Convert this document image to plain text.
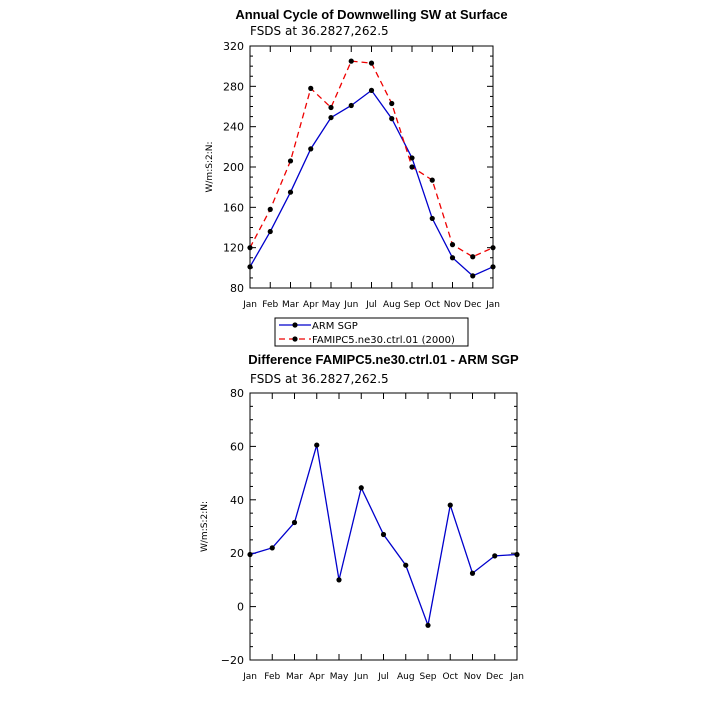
Annual Cycle of Downwelling SW at Surface
FSDS at 36.2827,262.5
80
120
160
200
240
280
320
Jan Feb Mar Apr May Jun Jul Aug Sep Oct Nov Dec Jan
W/m:S:2:N:
ARM SGP
FAMIPC5.ne30.ctrl.01 (2000)
Difference FAMIPC5.ne30.ctrl.01 - ARM SGP
FSDS at 36.2827,262.5
−20
0
20
40
60
80
Jan Feb Mar Apr May Jun Jul Aug Sep Oct Nov Dec Jan
W/m:S:2:N:
